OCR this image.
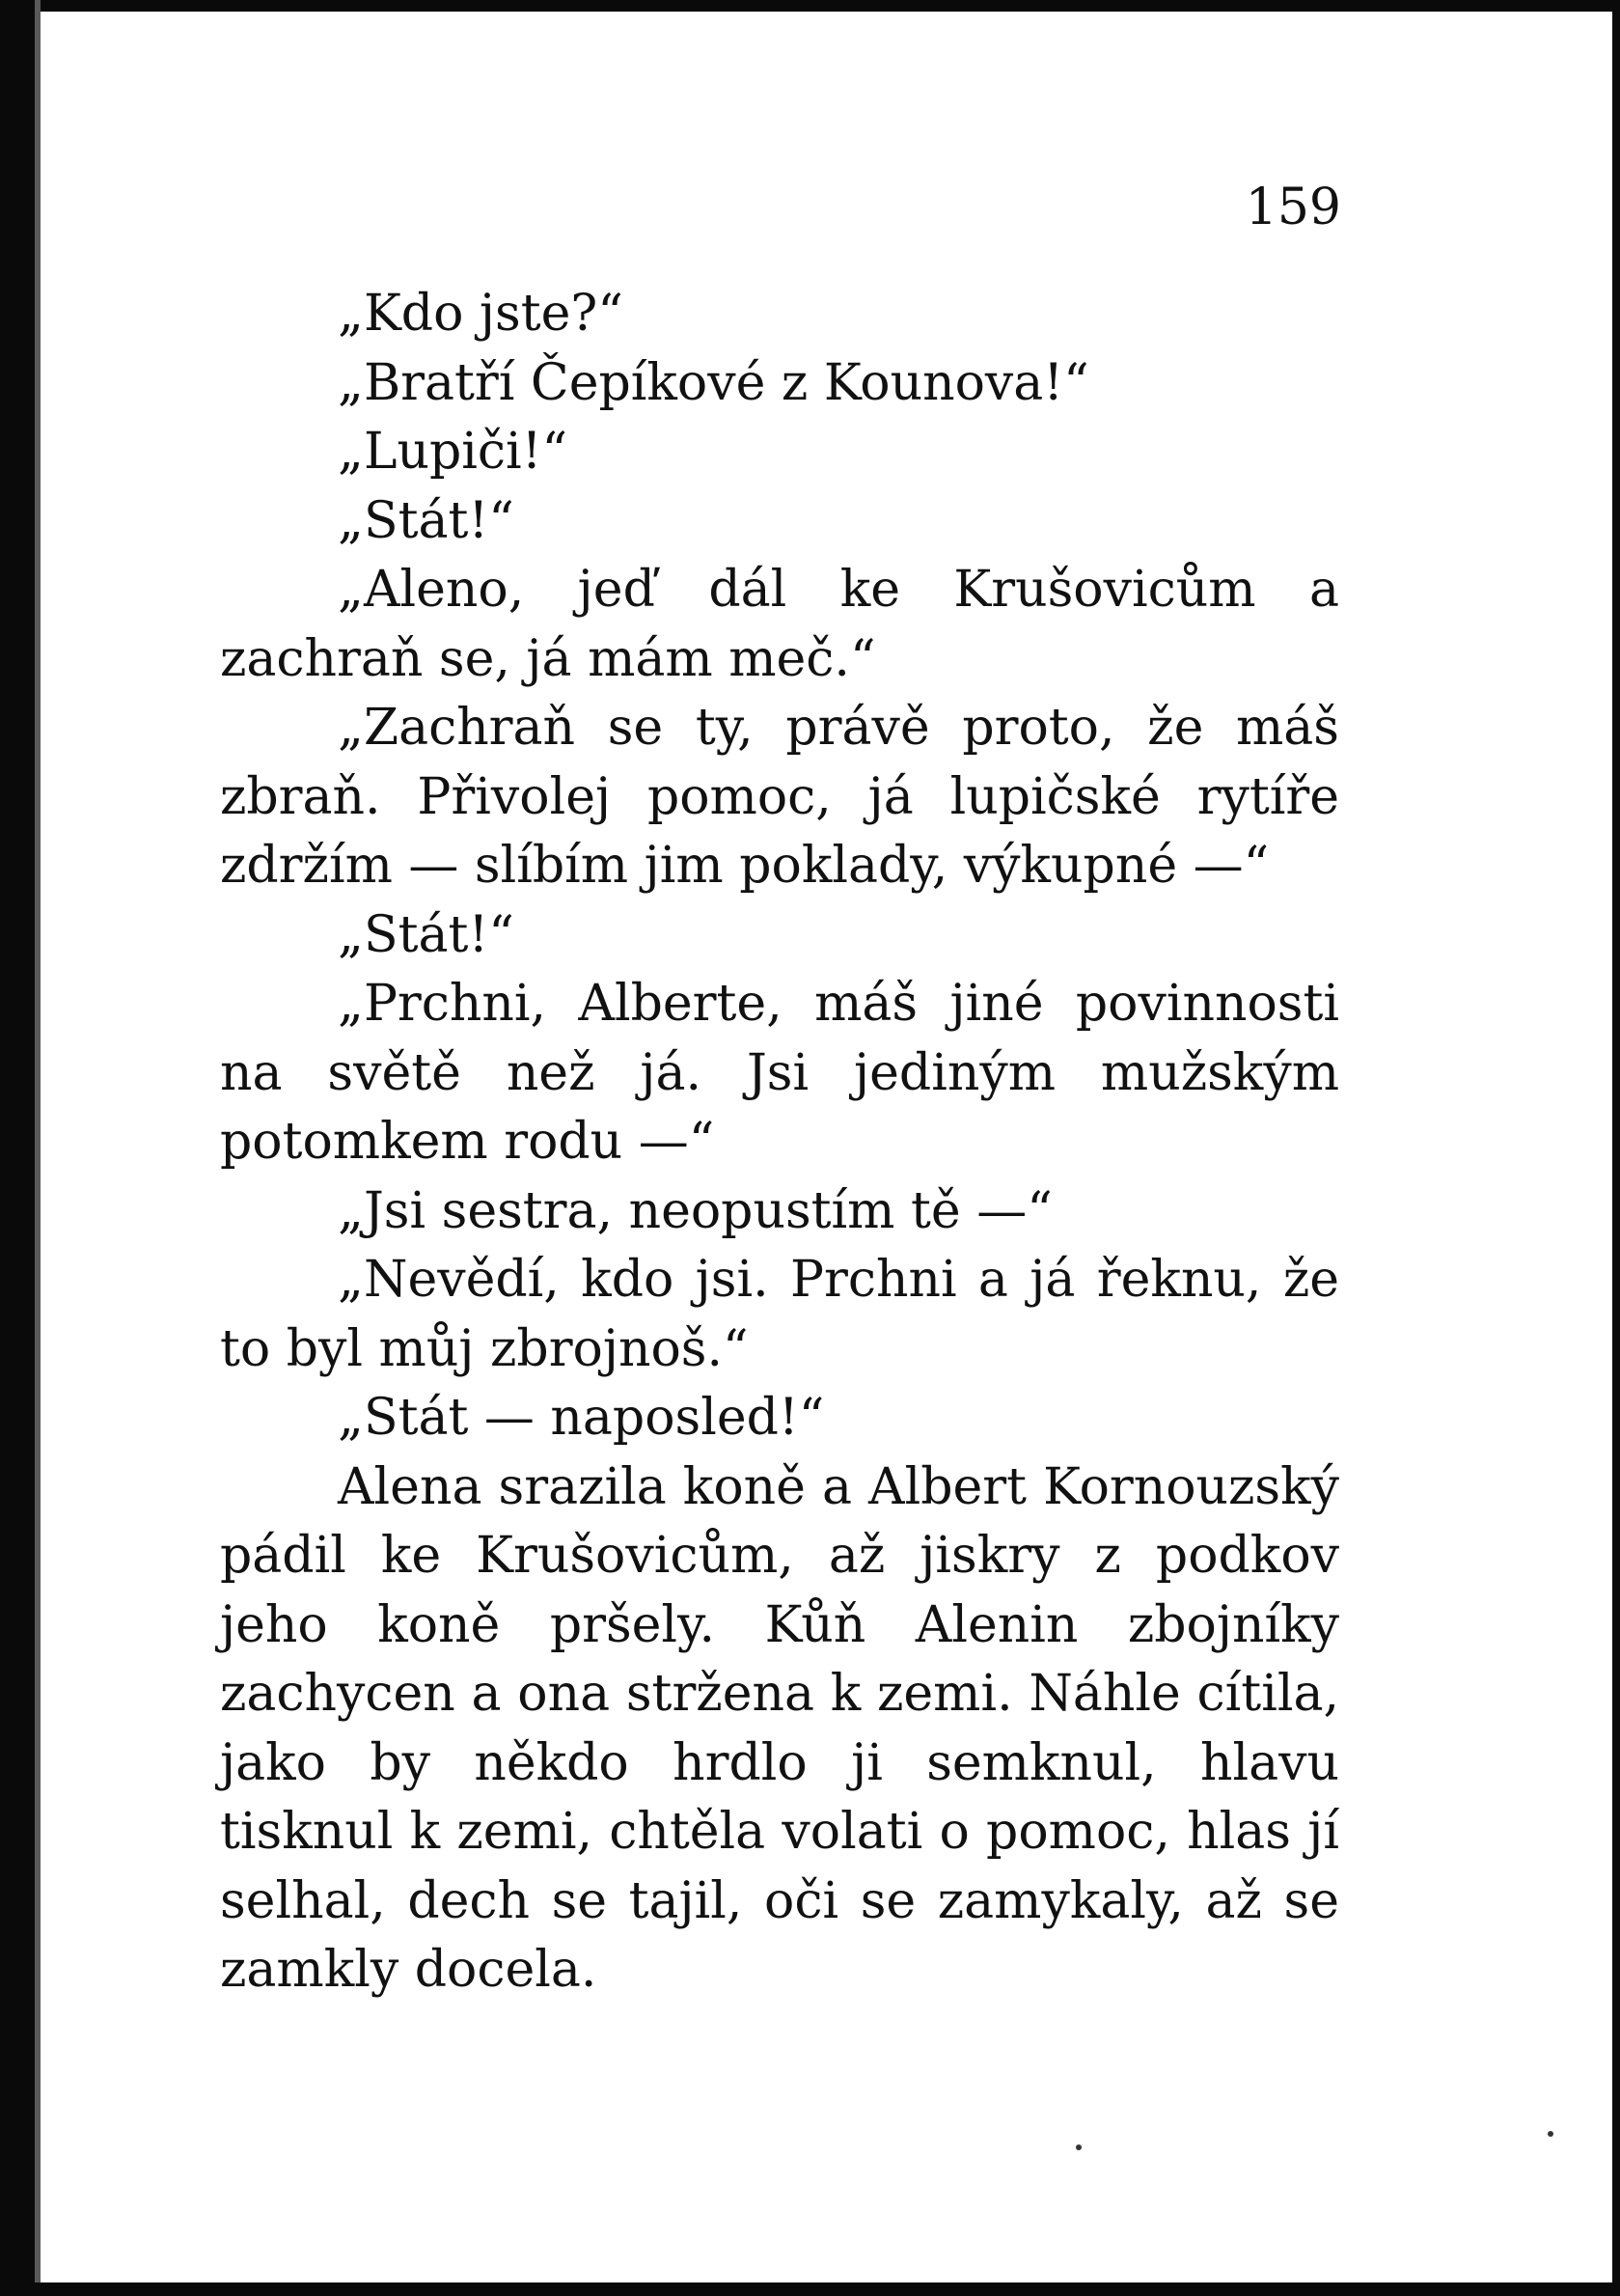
159

„Kdo jste?“

„Bratří Čepíkové z Kounova!“

„Lupiči!“

„Stát!“

„Aleno, jeď dál ke Krušovicům a zachraň se, já mám meč.“

„Zachraň se ty, právě proto, že máš zbraň. Přivolej pomoc, já lupičské rytíře zdržím — slíbím jim poklady, výkupné —“

„Stát!“

„Prchni, Alberte, máš jiné povinnosti na světě než já. Jsi jediným mužským potomkem rodu —“

„Jsi sestra, neopustím tě —“

„Nevědí, kdo jsi. Prchni a já řeknu, že to byl můj zbrojnoš.“

„Stát — naposled!“

Alena srazila koně a Albert Kornouzský pádil ke Krušovicům, až jiskry z podkov jeho koně pršely. Kůň Alenin zbojníky zachycen a ona stržena k zemi. Náhle cítila, jako by někdo hrdlo ji semknul, hlavu tisknul k zemi, chtěla volati o pomoc, hlas jí selhal, dech se tajil, oči se zamykaly, až se zamkly docela.
